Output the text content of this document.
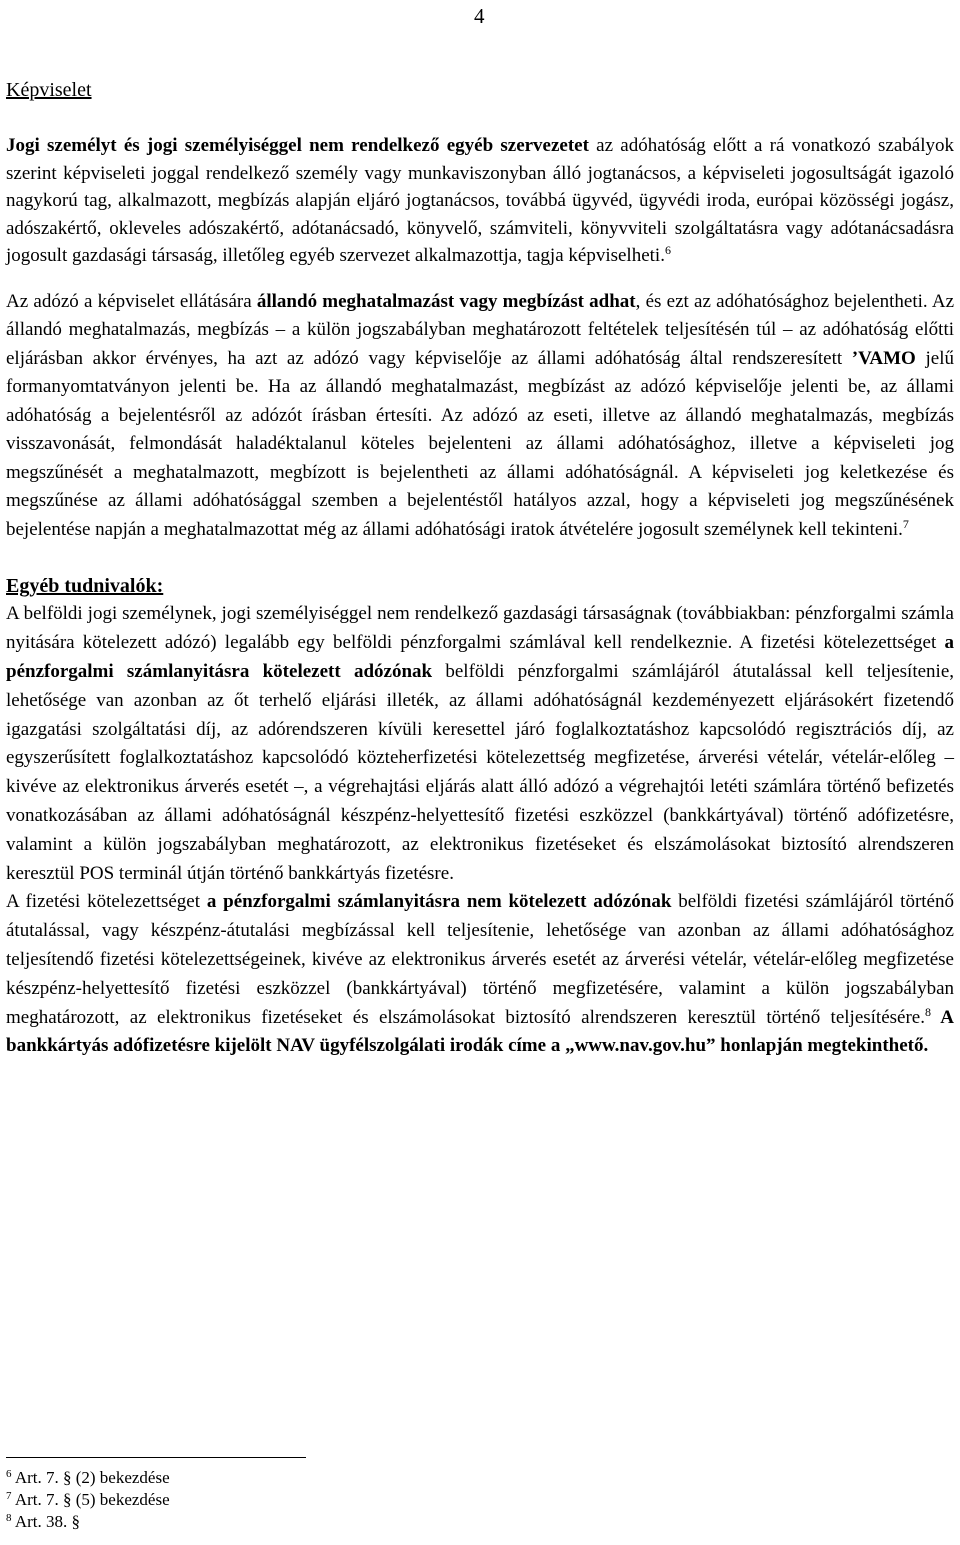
4
Képviselet

Jogi személyt és jogi személyiséggel nem rendelkező egyéb szervezetet az adóhatóság előtt a rá vonatkozó szabályok szerint képviseleti joggal rendelkező személy vagy munkaviszonyban álló jogtanácsos, a képviseleti jogosultságát igazoló nagykorú tag, alkalmazott, megbízás alapján eljáró jogtanácsos, továbbá ügyvéd, ügyvédi iroda, európai közösségi jogász, adószakértő, okleveles adószakértő, adótanácsadó, könyvelő, számviteli, könyvviteli szolgáltatásra vagy adótanácsadásra jogosult gazdasági társaság, illetőleg egyéb szervezet alkalmazottja, tagja képviselheti.$^6$

Az adózó a képviselet ellátására állandó meghatalmazást vagy megbízást adhat, és ezt az adóhatósághoz bejelentheti. Az állandó meghatalmazás, megbízás – a külön jogszabályban meghatározott feltételek teljesítésén túl – az adóhatóság előtti eljárásban akkor érvényes, ha azt az adózó vagy képviselője az állami adóhatóság által rendszeresített ’VAMO jelű formanyomtatványon jelenti be. Ha az állandó meghatalmazást, megbízást az adózó képviselője jelenti be, az állami adóhatóság a bejelentésről az adózót írásban értesíti. Az adózó az eseti, illetve az állandó meghatalmazás, megbízás visszavonását, felmondását haladéktalanul köteles bejelenteni az állami adóhatósághoz, illetve a képviseleti jog megszűnését a meghatalmazott, megbízott is bejelentheti az állami adóhatóságnál. A képviseleti jog keletkezése és megszűnése az állami adóhatósággal szemben a bejelentéstől hatályos azzal, hogy a képviseleti jog megszűnésének bejelentése napján a meghatalmazottat még az állami adóhatósági iratok átvételére jogosult személynek kell tekinteni.$^7$

Egyéb tudnivalók:

A belföldi jogi személynek, jogi személyiséggel nem rendelkező gazdasági társaságnak (továbbiakban: pénzforgalmi számla nyitására kötelezett adózó) legalább egy belföldi pénzforgalmi számlával kell rendelkeznie. A fizetési kötelezettséget a pénzforgalmi számlanyitásra kötelezett adózónak belföldi pénzforgalmi számlájáról átutalással kell teljesítenie, lehetősége van azonban az őt terhelő eljárási illeték, az állami adóhatóságnál kezdeményezett eljárásokért fizetendő igazgatási szolgáltatási díj, az adórendszeren kívüli keresettel járó foglalkoztatáshoz kapcsolódó regisztrációs díj, az egyszerűsített foglalkoztatáshoz kapcsolódó közteherfizetési kötelezettség megfizetése, árverési vételár, vételár-előleg – kivéve az elektronikus árverés esetét –, a végrehajtási eljárás alatt álló adózó a végrehajtói letéti számlára történő befizetés vonatkozásában az állami adóhatóságnál készpénz-helyettesítő fizetési eszközzel (bankkártyával) történő adófizetésre, valamint a külön jogszabályban meghatározott, az elektronikus fizetéseket és elszámolásokat biztosító alrendszeren keresztül POS terminál útján történő bankkártyás fizetésre.

A fizetési kötelezettséget a pénzforgalmi számlanyitásra nem kötelezett adózónak belföldi fizetési számlájáról történő átutalással, vagy készpénz-átutalási megbízással kell teljesítenie, lehetősége van azonban az állami adóhatósághoz teljesítendő fizetési kötelezettségeinek, kivéve az elektronikus árverés esetét az árverési vételár, vételár-előleg megfizetése készpénz-helyettesítő fizetési eszközzel (bankkártyával) történő megfizetésére, valamint a külön jogszabályban meghatározott, az elektronikus fizetéseket és elszámolásokat biztosító alrendszeren keresztül történő teljesítésére.$^8$ A bankkártyás adófizetésre kijelölt NAV ügyfélszolgálati irodák címe a „www.nav.gov.hu” honlapján megtekinthető.

$^6$ Art. 7. § (2) bekezdése
$^7$ Art. 7. § (5) bekezdése
$^8$ Art. 38. §
